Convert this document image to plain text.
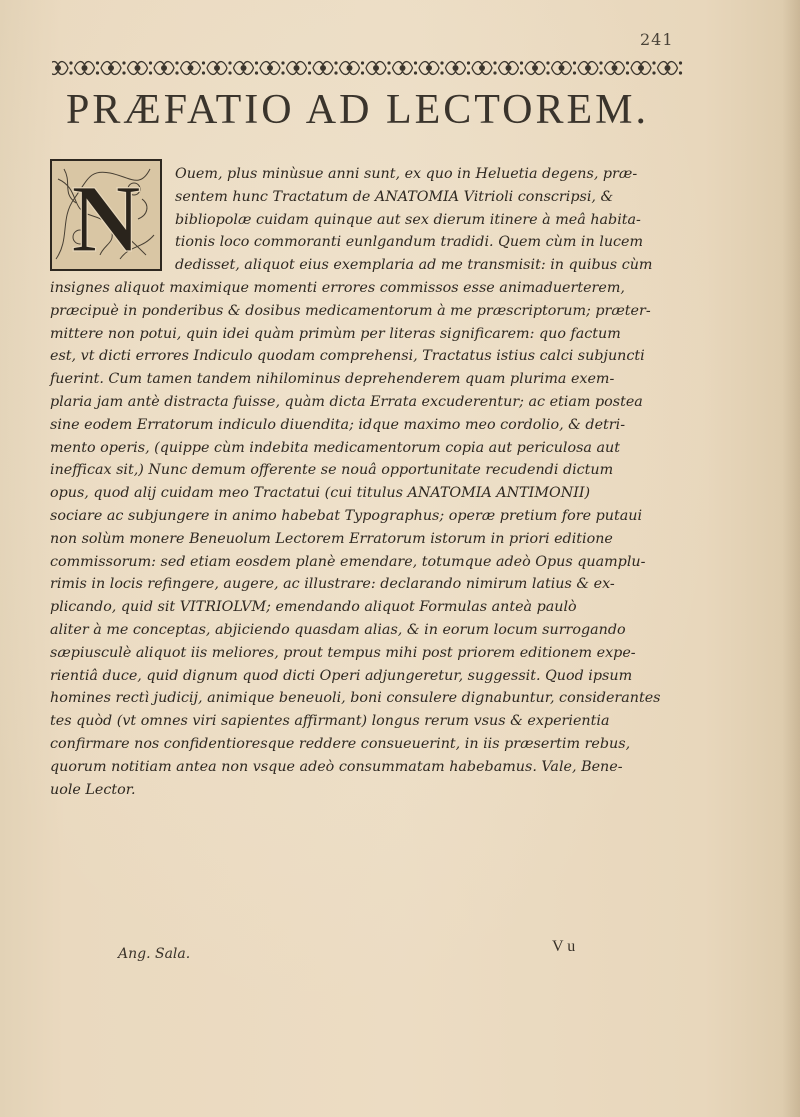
241
PRÆFATIO AD LECTOREM.
N Ouem, plus minùsue anni sunt, ex quo in Heluetia degens, præ-
sentem hunc Tractatum de ANATOMIA Vitrioli conscripsi, &
bibliopolæ cuidam quinque aut sex dierum itinere à meâ habita-
tionis loco commoranti eunlgandum tradidi. Quem cùm in lucem
dedisset, aliquot eius exemplaria ad me transmisit: in quibus cùm
insignes aliquot maximique momenti errores commissos esse animaduerterem,
præcipuè in ponderibus & dosibus medicamentorum à me præscriptorum; præter-
mittere non potui, quin idei quàm primùm per literas significarem: quo factum
est, vt dicti errores Indiculo quodam comprehensi, Tractatus istius calci subjuncti
fuerint. Cum tamen tandem nihilominus deprehenderem quam plurima exem-
plaria jam antè distracta fuisse, quàm dicta Errata excuderentur; ac etiam postea
sine eodem Erratorum indiculo diuendita; idque maximo meo cordolio, & detri-
mento operis, (quippe cùm indebita medicamentorum copia aut periculosa aut
inefficax sit,) Nunc demum offerente se nouâ opportunitate recudendi dictum
opus, quod alij cuidam meo Tractatui (cui titulus ANATOMIA ANTIMONII)
sociare ac subjungere in animo habebat Typographus; operæ pretium fore putaui
non solùm monere Beneuolum Lectorem Erratorum istorum in priori editione
commissorum: sed etiam eosdem planè emendare, totumque adeò Opus quamplu-
rimis in locis refingere, augere, ac illustrare: declarando nimirum latius & ex-
plicando, quid sit VITRIOLVM; emendando aliquot Formulas anteà paulò
aliter à me conceptas, abjiciendo quasdam alias, & in eorum locum surrogando
sæpiusculè aliquot iis meliores, prout tempus mihi post priorem editionem expe-
rientiâ duce, quid dignum quod dicti Operi adjungeretur, suggessit. Quod ipsum
homines rectì judicij, animique beneuoli, boni consulere dignabuntur, considerantes
tes quòd (vt omnes viri sapientes affirmant) longus rerum vsus & experientia
confirmare nos confidentioresque reddere consueuerint, in iis præsertim rebus,
quorum notitiam antea non vsque adeò consummatam habebamus. Vale, Bene-
uole Lector.

Ang. Sala.	V u
